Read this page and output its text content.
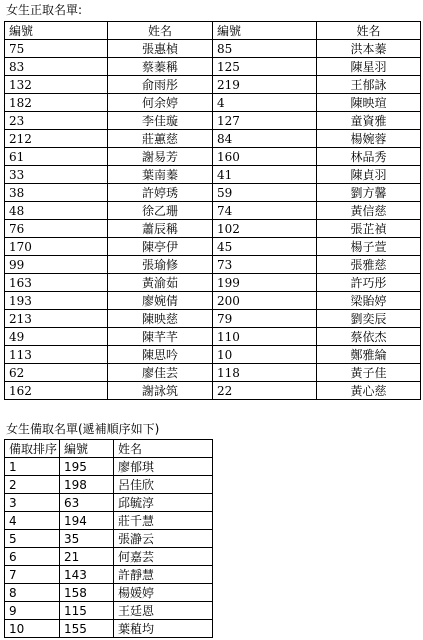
女生正取名單:
編號	姓名	編號	姓名
75	張惠楨	85	洪本蓁
83	蔡蓁稱	125	陳星羽
132	俞雨彤	219	王郁詠
182	何余婷	4	陳映瑄
23	李佳璇	127	童資雅
212	莊蕙慈	84	楊婉蓉
61	謝易芳	160	林品秀
33	葉南蓁	41	陳貞羽
38	許婷琇	59	劉方馨
48	徐乙珊	74	黃信慈
76	蕭辰稱	102	張芷禎
170	陳亭伊	45	楊子萱
99	張瑜修	73	張雅慈
163	黃渝茹	199	許巧彤
193	廖婉倩	200	梁貽婷
213	陳映慈	79	劉奕辰
49	陳芊芊	110	蔡依杰
113	陳思吟	10	鄭雅綸
62	廖佳芸	118	黃子佳
162	謝詠筑	22	黃心慈
女生備取名單(遞補順序如下)
備取排序	編號	姓名
1	195	廖郁琪
2	198	呂佳欣
3	63	邱毓淳
4	194	莊千慧
5	35	張瀞云
6	21	何嘉芸
7	143	許靜慧
8	158	楊媛婷
9	115	王廷恩
10	155	葉稙均
